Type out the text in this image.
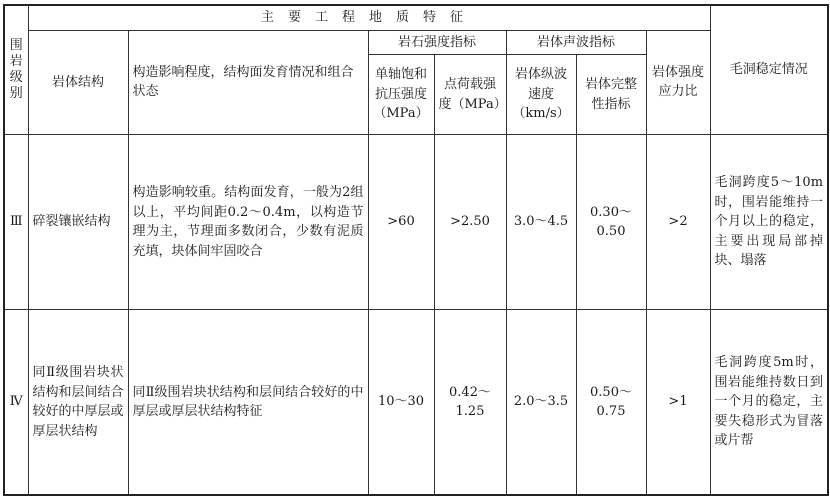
围岩级别	主要工程地质特征							毛洞稳定情况
	岩体结构	构造影响程度，结构面发育情况和组合状态	岩石强度指标		岩体声波指标		岩体强度应力比	
			单轴饱和抗压强度（MPa）	点荷载强度（MPa）	岩体纵波速度（km/s）	岩体完整性指标		
Ⅲ	碎裂镶嵌结构	构造影响较重。结构面发育，一般为2组以上，平均间距0.2～0.4m，以构造节理为主，节理面多数闭合，少数有泥质充填，块体间牢固咬合	>60	>2.50	3.0～4.5	0.30～0.50	>2	毛洞跨度5～10m时，围岩能维持一个月以上的稳定，主要出现局部掉块、塌落
Ⅳ	同Ⅱ级围岩块状结构和层间结合较好的中厚层或厚层状结构	同Ⅱ级围岩块状结构和层间结合较好的中厚层或厚层状结构特征	10～30	0.42～1.25	2.0～3.5	0.50～0.75	>1	毛洞跨度5m时，围岩能维持数日到一个月的稳定，主要失稳形式为冒落或片帮
